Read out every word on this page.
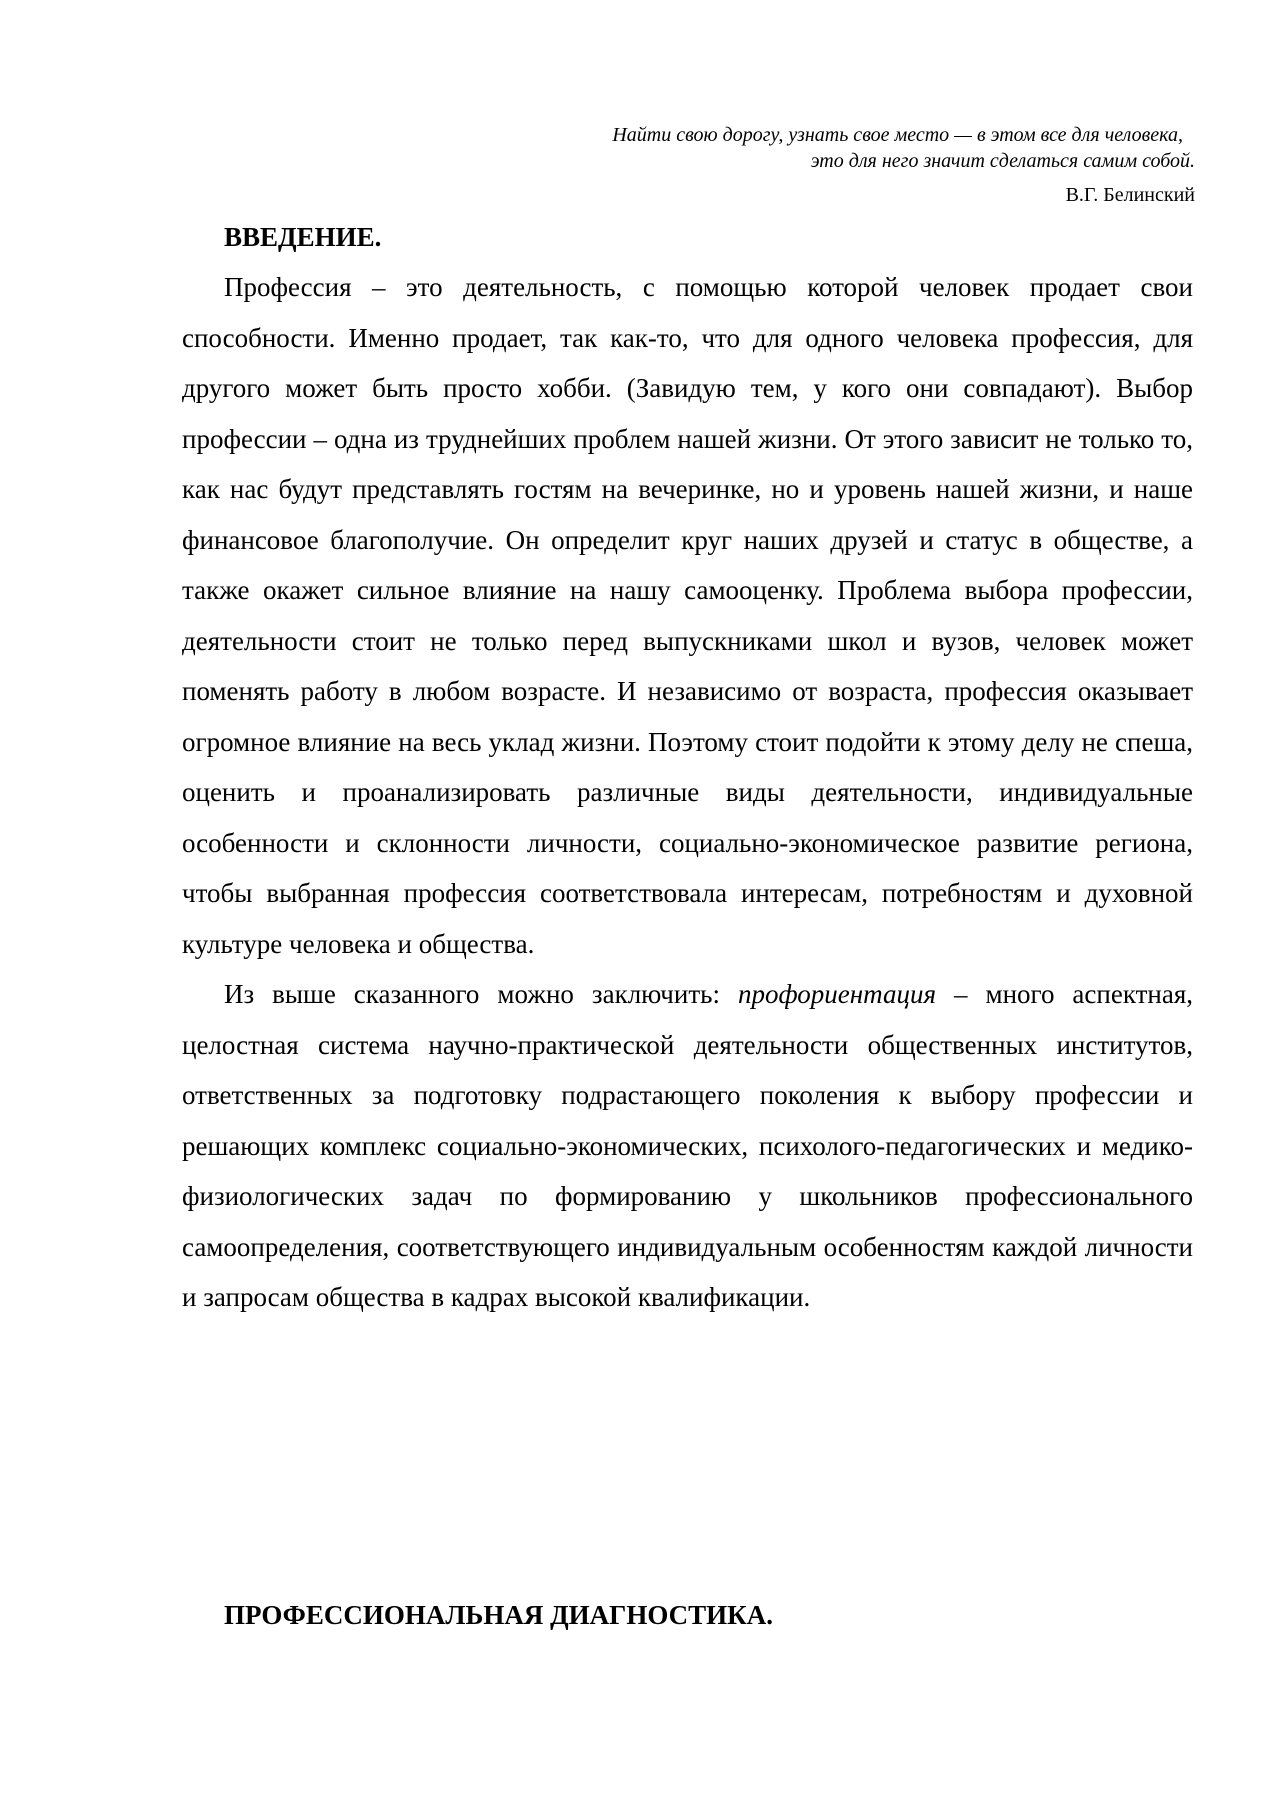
Найти свою дорогу, узнать свое место — в этом все для человека,
это для него значит сделаться самим собой.
В.Г. Белинский

ВВЕДЕНИЕ.

Профессия – это деятельность, с помощью которой человек продает свои способности. Именно продает, так как-то, что для одного человека профессия, для другого может быть просто хобби. (Завидую тем, у кого они совпадают). Выбор профессии – одна из труднейших проблем нашей жизни. От этого зависит не только то, как нас будут представлять гостям на вечеринке, но и уровень нашей жизни, и наше финансовое благополучие. Он определит круг наших друзей и статус в обществе, а также окажет сильное влияние на нашу самооценку. Проблема выбора профессии, деятельности стоит не только перед выпускниками школ и вузов, человек может поменять работу в любом возрасте. И независимо от возраста, профессия оказывает огромное влияние на весь уклад жизни. Поэтому стоит подойти к этому делу не спеша, оценить и проанализировать различные виды деятельности, индивидуальные особенности и склонности личности, социально-экономическое развитие региона, чтобы выбранная профессия соответствовала интересам, потребностям и духовной культуре человека и общества.

Из выше сказанного можно заключить: профориентация – много аспектная, целостная система научно-практической деятельности общественных институтов, ответственных за подготовку подрастающего поколения к выбору профессии и решающих комплекс социально-экономических, психолого-педагогических и медико-физиологических задач по формированию у школьников профессионального самоопределения, соответствующего индивидуальным особенностям каждой личности и запросам общества в кадрах высокой квалификации.

ПРОФЕССИОНАЛЬНАЯ ДИАГНОСТИКА.
